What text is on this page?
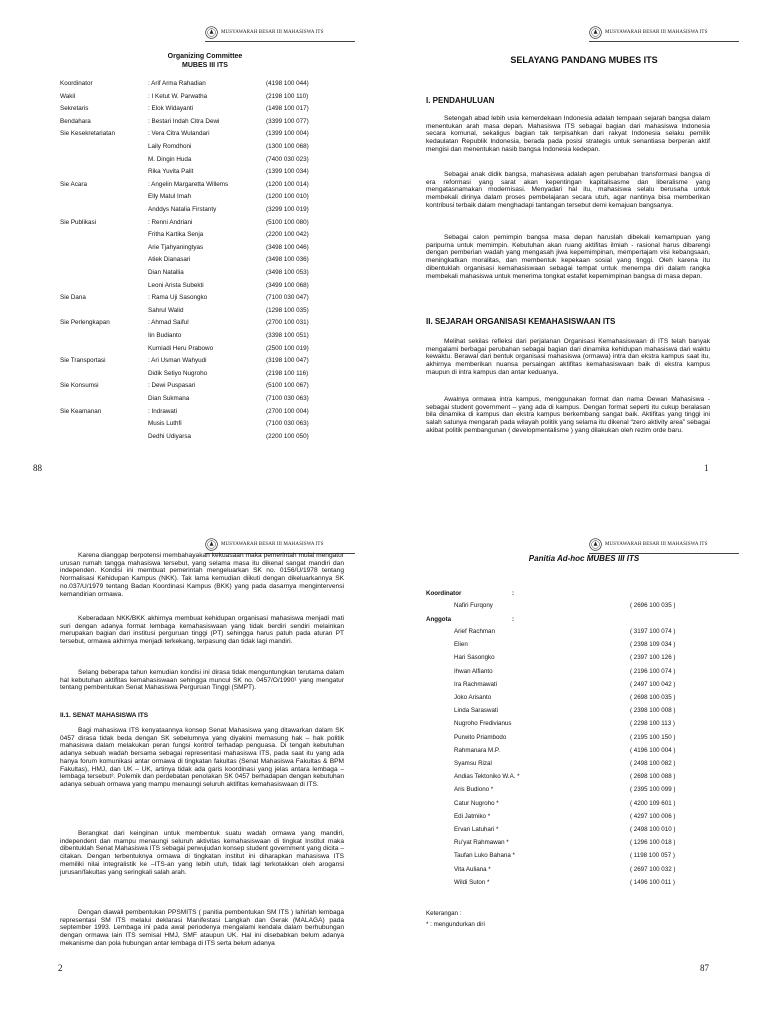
MUSYAWARAH BESAR III MAHASISWA ITS
Organizing Committee
MUBES III ITS
Koordinator	: Arif Arma Rahadian	(4198 100 044)
Wakil	: I Ketut W. Parwatha	(2198 100 110)
Sekretaris	: Elok Widayanti	(1498 100 017)
Bendahara	: Bestari Indah Citra Dewi	(3399 100 077)
Sie Kesekretariatan	: Vera Citra Wulandari	(1399 100 004)
Laily Romdhoni	(1300 100 068)
M. Dingin Huda	(7400 030 023)
Rika Yuvita Palit	(1399 100 034)
Sie Acara	: Angelin Margaretta Willems	(1200 100 014)
Elly Matul Imah	(1200 100 010)
Anddys Natalia Firstanty	(3299 100 019)
Sie Publikasi	: Renni Andriani	(5100 100 080)
Fritha Kartika Senja	(2200 100 042)
Arie Tjahyaningtyas	(3498 100 046)
Atiek Dianasari	(3498 100 036)
Dian Natallia	(3498 100 053)
Leoni Arista Subekti	(3499 100 068)
Sie Dana	: Rama Uji Sasongko	(7100 030 047)
Sahrul Walid	(1298 100 035)
Sie Perlengkapan	: Ahmad Saiful	(2700 100 031)
Iin Budianto	(3398 100 051)
Kurniadi Heru Prabowo	(2500 100 019)
Sie Transportasi	: Ari Usman Wahyudi	(3198 100 047)
Didik Setiyo Nugroho	(2198 100 116)
Sie Konsumsi	: Dewi Puspasari	(5100 100 067)
Dian Sukmana	(7100 030 063)
Sie Keamanan	: Indrawati	(2700 100 004)
Musis Luthfi	(7100 030 063)
Dedhi Udiyarsa	(2200 100 050)
88
MUSYAWARAH BESAR III MAHASISWA ITS
SELAYANG PANDANG MUBES ITS
I. PENDAHULUAN

Setengah abad lebih usia kemerdekaan Indonesia adalah tempaan sejarah bangsa dalam menentukan arah masa depan. Mahasiswa ITS sebagai bagian dari mahasiswa Indonesia secara komunal, sekaligus bagian tak terpisahkan dari rakyat Indonesia selaku pemilik kedaulatan Republik Indonesia, berada pada posisi strategis untuk senantiasa berperan aktif mengisi dan menentukan nasib bangsa Indonesia kedepan.

Sebagai anak didik bangsa, mahasiswa adalah agen perubahan transformasi bangsa di era reformasi yang sarat akan kepentingan kapitalisasme dan liberalisme yang mengatasnamakan modernisasi. Menyadari hal itu, mahasiswa selalu berusaha untuk membekali dirinya dalam proses pembelajaran secara utuh, agar nantinya bisa memberikan kontribusi terbaik dalam menghadapi tantangan tersebut demi kemajuan bangsanya.

Sebagai calon pemimpin bangsa masa depan haruslah dibekali kemampuan yang paripurna untuk memimpin. Kebutuhan akan ruang aktifitas ilmiah - rasional harus dibarengi dengan pemberian wadah yang mengasah jiwa kepemimpinan, mempertajam visi kebangsaan, meningkatkan moralitas, dan membentuk kepekaan sosial yang tinggi. Oleh karena itu dibentuklah organisasi kemahasiswaan sebagai tempat untuk menempa diri dalam rangka membekali mahasiswa untuk menerima tongkat estafet kepemimpinan bangsa di masa depan.

II. SEJARAH ORGANISASI KEMAHASISWAAN ITS

Melihat sekilas refleksi dari perjalanan Organisasi Kemahasiswaan di ITS telah banyak mengalami berbagai perubahan sebagai bagian dari dinamika kehidupan mahasiswa dari waktu kewaktu. Berawal dari bentuk organisasi mahasiswa (ormawa) intra dan ekstra kampus saat itu, akhirnya memberikan nuansa persaingan aktifitas kemahasiswaan baik di ekstra kampus maupun di intra kampus dan antar keduanya.

Awalnya ormawa intra kampus, menggunakan format dan nama Dewan Mahasiswa - sebagai student government – yang ada di kampus. Dengan format seperti itu cukup beralasan bila dinamika di kampus dan ekstra kampus berkembang sangat baik. Aktifitas yang tinggi ini salah satunya mengarah pada wilayah politik yang selama itu dikenal “zero aktivity area” sebagai akibat politik pembangunan ( developmentalisme ) yang dilakukan oleh rezim orde baru.

1
MUSYAWARAH BESAR III MAHASISWA ITS

Karena dianggap berpotensi membahayakan kekuasaan maka pemerintah mulai mengatur urusan rumah tangga mahasiswa tersebut, yang selama masa itu dikenal sangat mandiri dan independen. Kondisi ini membuat pemerintah mengeluarkan SK no. 0156/U/1978 tentang Normalisasi Kehidupan Kampus (NKK). Tak lama kemudian diikuti dengan dikeluarkannya SK no.037/U/1979 tentang Badan Koordinasi Kampus (BKK) yang pada dasarnya mengintervensi kemandirian ormawa.

Keberadaan NKK/BKK akhirnya membuat kehidupan organisasi mahasiswa menjadi mati suri dengan adanya format lembaga kemahasiswaan yang tidak berdiri sendiri melainkan merupakan bagian dari institusi perguruan tinggi (PT) sehingga harus patuh pada aturan PT tersebut, ormawa akhirnya menjadi terkekang, terpasung dan tidak lagi mandiri.

Selang beberapa tahun kemudian kondisi ini dirasa tidak menguntungkan terutama dalam hal kebutuhan aktifitas kemahasiswaan sehingga muncul SK no. 0457/O/1990¹ yang mengatur tentang pembentukan Senat Mahasiswa Perguruan Tinggi (SMPT).

II.1. SENAT MAHASISWA ITS

Bagi mahasiswa ITS kenyataannya konsep Senat Mahasiswa yang ditawarkan dalam SK 0457 dirasa tidak beda dengan SK sebelumnya yang diyakini memasung hak – hak politik mahasiswa dalam melakukan peran fungsi kontrol terhadap penguasa. Di tengah kebutuhan adanya sebuah wadah bersama sebagai representasi mahasiswa ITS, pada saat itu yang ada hanya forum komunikasi antar ormawa di tingkatan fakultas (Senat Mahasiswa Fakultas & BPM Fakultas), HMJ, dan UK – UK, artinya tidak ada garis koordinasi yang jelas antara lembaga – lembaga tersebut². Polemik dan perdebatan penolakan SK 0457 berhadapan dengan kebutuhan adanya sebuah ormawa yang mampu menaungi seluruh aktifitas kemahasiswaan di ITS.

Berangkat dari keinginan untuk membentuk suatu wadah ormawa yang mandiri, independent dan mampu menaungi seluruh aktivitas kemahasiswaan di tingkat Institut maka dibentuklah Senat Mahasiswa ITS sebagai perwujudan konsep student government yang dicita – citakan. Dengan terbentuknya ormawa di tingkatan institut ini diharapkan mahasiswa ITS memiliki nilai integralistik ke –ITS-an yang lebih utuh, tidak lagi terkotakkan oleh arogansi jurusan/fakultas yang seringkali salah arah.

Dengan diawali pembentukan PPSMITS ( panitia pembentukan SM ITS ) lahirlah lembaga representasi SM ITS melalui deklarasi Manifestasi Langkah dan Gerak (MALAGA) pada september 1993. Lembaga ini pada awal periodenya mengalami kendala dalam berhubungan dengan ormawa lain ITS semisal HMJ, SMF ataupun UK. Hal ini disebabkan belum adanya mekanisme dan pola hubungan antar lembaga di ITS serta belum adanya

2
MUSYAWARAH BESAR III MAHASISWA ITS
Panitia Ad-hoc MUBES III ITS
Koordinator	:
Anggota	:
Nafiri Furqony	( 2696 100 035 )
Arief Rachman	( 3197 100 074 )
Elien	( 2398 109 034 )
Hari Sasongko	( 2397 100 126 )
Ihwan Alfianto	( 2196 100 074 )
Ira Rachmawati	( 2497 100 042 )
Joko Arisanto	( 2698 100 035 )
Linda Saraswati	( 2398 100 008 )
Nugroho Fredivianus	( 2298 100 113 )
Purwito Priambodo	( 2195 100 150 )
Rahmanara M.P.	( 4196 100 004 )
Syamsu Rizal	( 2498 100 082 )
Andias Tektoniko W.A. *	( 2698 100 088 )
Aris Budiono *	( 2395 100 099 )
Catur Nugroho *	( 4200 109 601 )
Edi Jatmiko *	( 4297 100 006 )
Ervan Latuhari *	( 2498 100 010 )
Ru’yat Rahmawan *	( 1296 100 018 )
Taufan Luko Bahana *	( 1198 100 057 )
Vita Auliana *	( 2697 100 032 )
Wildi Suton *	( 1496 100 011 )
Keterangan :
* : mengundurkan diri
87
